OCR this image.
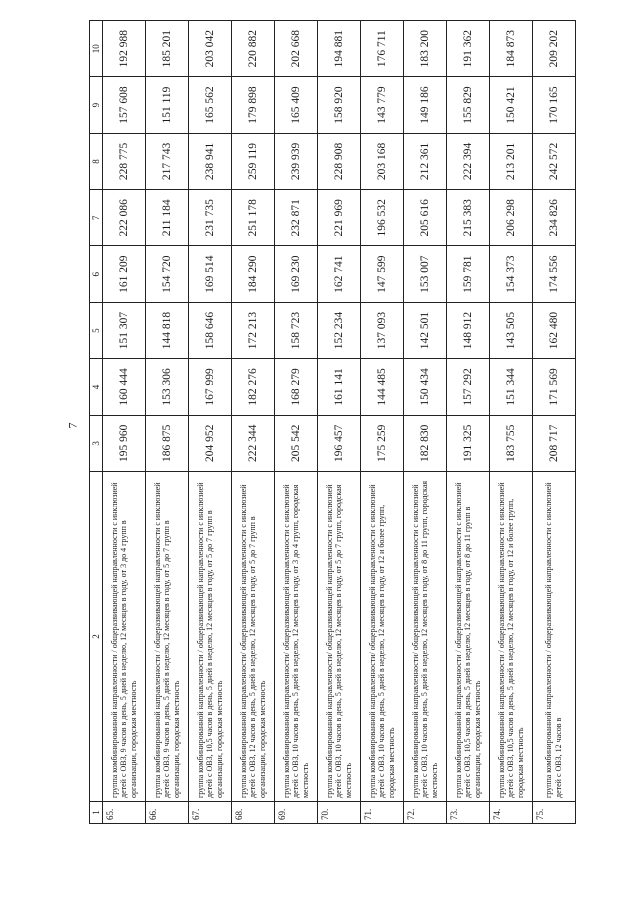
7
1	2	3	4	5	6	7	8	9	10
65.	группа комбинированной направленности / общеразвивающей направленности с инклюзией детей с ОВЗ, 9 часов в день, 5 дней в неделю, 12 месяцев в году, от 3 до 4 групп в организации, городская местность	195 960	160 444	151 307	161 209	222 086	228 775	157 608	192 988
66.	группа комбинированной направленности / общеразвивающей направленности с инклюзией детей с ОВЗ, 9 часов в день, 5 дней в неделю, 12 месяцев в году, от 5 до 7 групп в организации, городская местность	186 875	153 306	144 818	154 720	211 184	217 743	151 119	185 201
67.	группа комбинированной направленности / общеразвивающей направленности с инклюзией детей с ОВЗ, 10,5 часов в день, 5 дней в неделю, 12 месяцев в году, от 5 до 7 групп в организации, городская местность	204 952	167 999	158 646	169 514	231 735	238 941	165 562	203 042
68.	группа комбинированной направленности/ общеразвивающей направленности с инклюзией детей с ОВЗ, 12 часов в день, 5 дней в неделю, 12 месяцев в году, от 5 до 7 групп в организации, городская местность	222 344	182 276	172 213	184 290	251 178	259 119	179 898	220 882
69.	группа комбинированной направленности/ общеразвивающей направленности с инклюзией детей с ОВЗ, 10 часов в день, 5 дней в неделю, 12 месяцев в году, от 3 до 4 групп, городская местность	205 542	168 279	158 723	169 230	232 871	239 939	165 409	202 668
70.	группа комбинированной направленности/ общеразвивающей направленности с инклюзией детей с ОВЗ, 10 часов в день, 5 дней в неделю, 12 месяцев в году, от 5 до 7 групп, городская местность	196 457	161 141	152 234	162 741	221 969	228 908	158 920	194 881
71.	группа комбинированной направленности/ общеразвивающей направленности с инклюзией детей с ОВЗ, 10 часов в день, 5 дней в неделю, 12 месяцев в году, от 12 и более групп, городская местность	175 259	144 485	137 093	147 599	196 532	203 168	143 779	176 711
72.	группа комбинированной направленности/ общеразвивающей направленности с инклюзией детей с ОВЗ, 10 часов в день, 5 дней в неделю, 12 месяцев в году, от 8 до 11 групп, городская местность	182 830	150 434	142 501	153 007	205 616	212 361	149 186	183 200
73.	группа комбинированной направленности / общеразвивающей направленности с инклюзией детей с ОВЗ, 10,5 часов в день, 5 дней в неделю, 12 месяцев в году, от 8 до 11 групп в организации, городская местность	191 325	157 292	148 912	159 781	215 383	222 394	155 829	191 362
74.	группа комбинированной направленности / общеразвивающей направленности с инклюзией детей с ОВЗ, 10,5 часов в день, 5 дней в неделю, 12 месяцев в году, от 12 и более групп, городская местность	183 755	151 344	143 505	154 373	206 298	213 201	150 421	184 873
75.	группа комбинированной направленности / общеразвивающей направленности с инклюзией детей с ОВЗ, 12 часов в	208 717	171 569	162 480	174 556	234 826	242 572	170 165	209 202
